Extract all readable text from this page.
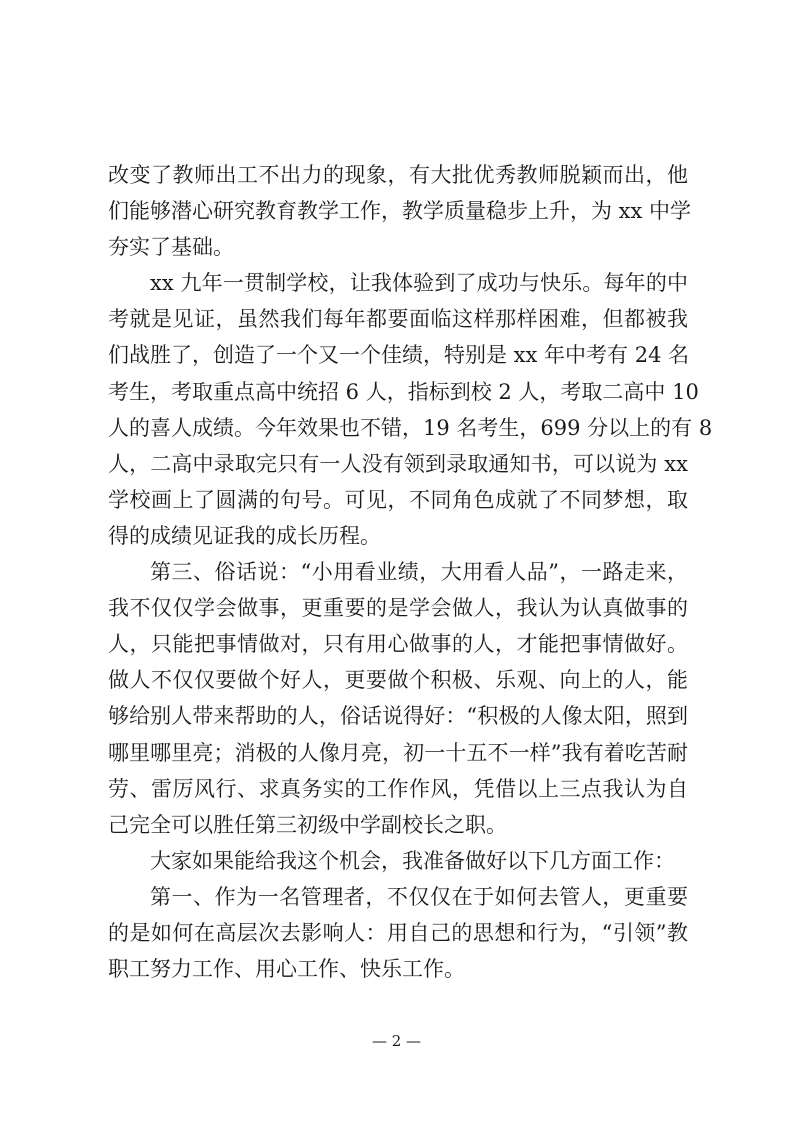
改变了教师出工不出力的现象，有大批优秀教师脱颖而出，他
们能够潜心研究教育教学工作，教学质量稳步上升，为 xx 中学
夯实了基础。
xx 九年一贯制学校，让我体验到了成功与快乐。每年的中
考就是见证，虽然我们每年都要面临这样那样困难，但都被我
们战胜了，创造了一个又一个佳绩，特别是 xx 年中考有 24 名
考生，考取重点高中统招 6 人，指标到校 2 人，考取二高中 10
人的喜人成绩。今年效果也不错，19 名考生，699 分以上的有 8
人，二高中录取完只有一人没有领到录取通知书，可以说为 xx
学校画上了圆满的句号。可见，不同角色成就了不同梦想，取
得的成绩见证我的成长历程。
第三、俗话说：“小用看业绩，大用看人品”，一路走来，
我不仅仅学会做事，更重要的是学会做人，我认为认真做事的
人，只能把事情做对，只有用心做事的人，才能把事情做好。
做人不仅仅要做个好人，更要做个积极、乐观、向上的人，能
够给别人带来帮助的人，俗话说得好：“积极的人像太阳，照到
哪里哪里亮；消极的人像月亮，初一十五不一样”我有着吃苦耐
劳、雷厉风行、求真务实的工作作风，凭借以上三点我认为自
己完全可以胜任第三初级中学副校长之职。
大家如果能给我这个机会，我准备做好以下几方面工作：
第一、作为一名管理者，不仅仅在于如何去管人，更重要
的是如何在高层次去影响人：用自己的思想和行为，“引领”教
职工努力工作、用心工作、快乐工作。
— 2 —
